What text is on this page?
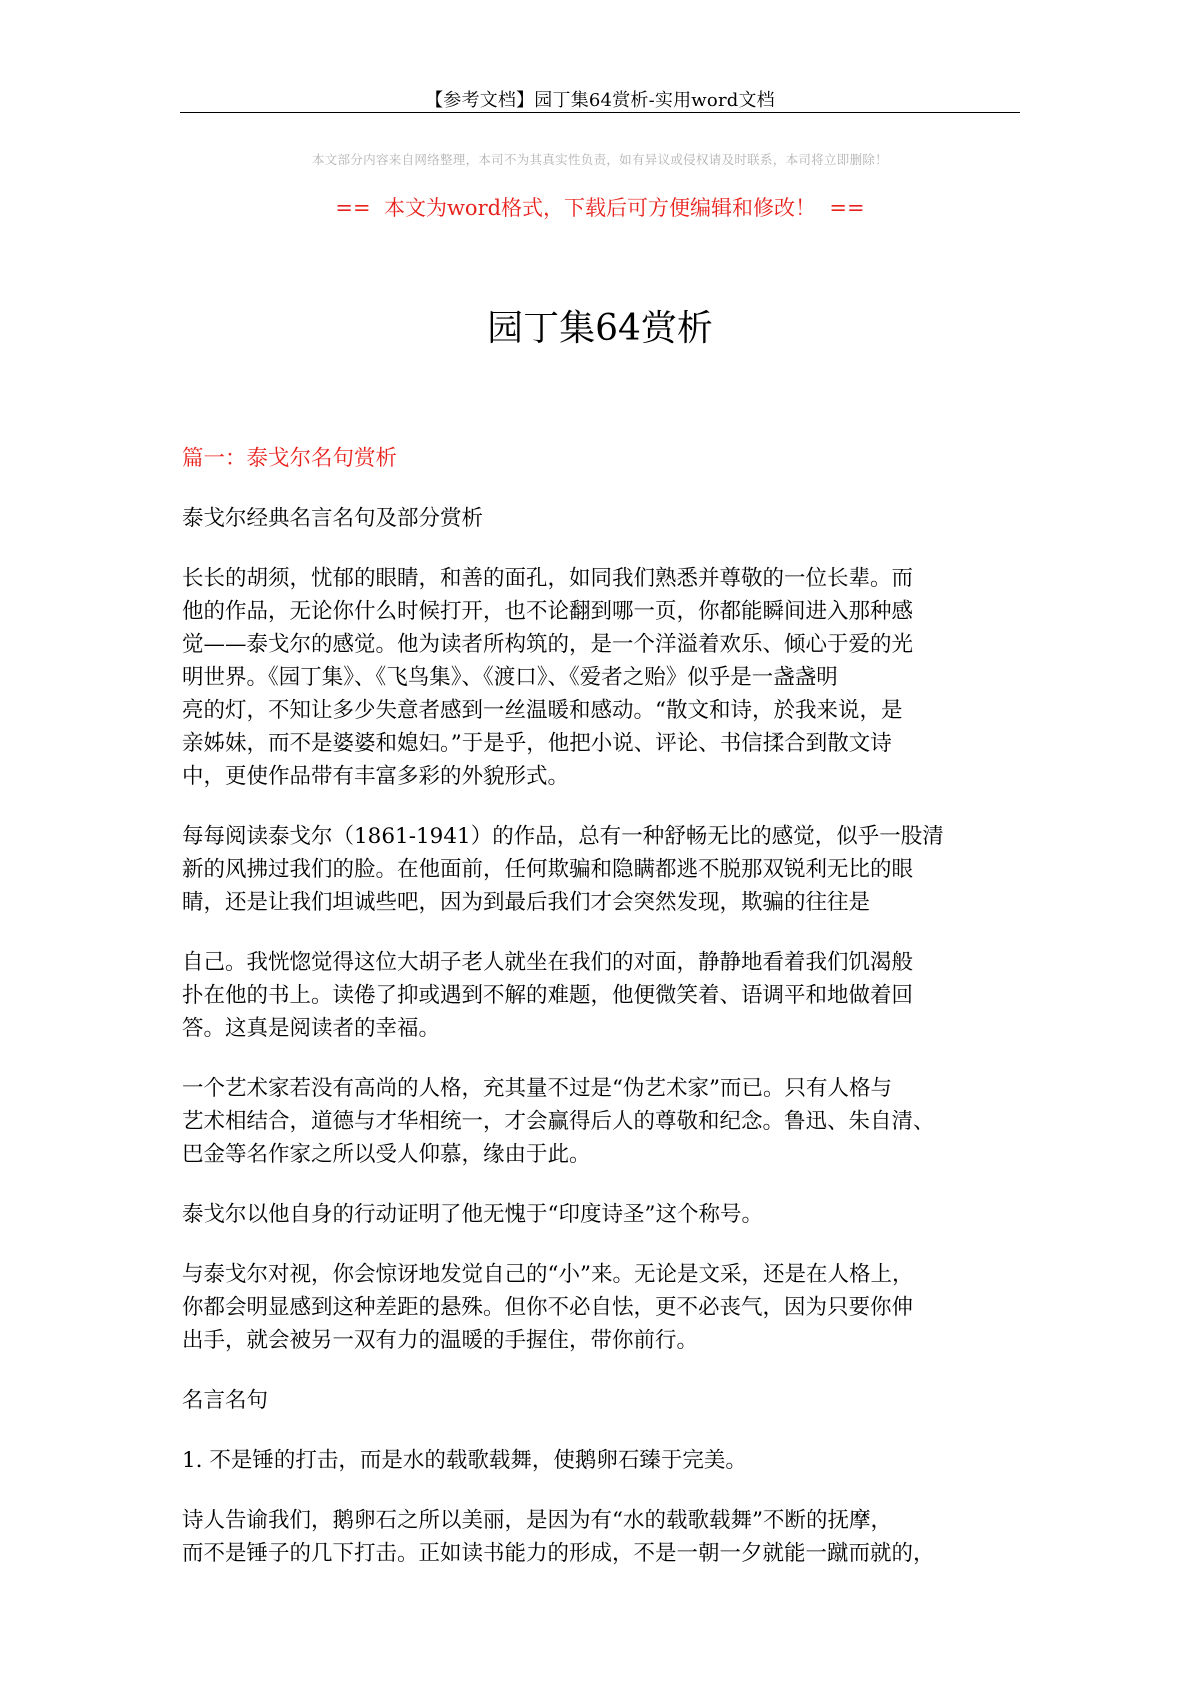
【参考文档】园丁集64赏析-实用word文档
本文部分内容来自网络整理，本司不为其真实性负责，如有异议或侵权请及时联系，本司将立即删除！
==  本文为word格式，下载后可方便编辑和修改！  ==
园丁集64赏析
篇一：泰戈尔名句赏析

泰戈尔经典名言名句及部分赏析

长长的胡须，忧郁的眼睛，和善的面孔，如同我们熟悉并尊敬的一位长辈。而
他的作品，无论你什么时候打开，也不论翻到哪一页，你都能瞬间进入那种感
觉——泰戈尔的感觉。他为读者所构筑的，是一个洋溢着欢乐、倾心于爱的光
明世界。《园丁集》、《飞鸟集》、《渡口》、《爱者之贻》似乎是一盏盏明
亮的灯，不知让多少失意者感到一丝温暖和感动。“散文和诗，於我来说，是
亲姊妹，而不是婆婆和媳妇。”于是乎，他把小说、评论、书信揉合到散文诗
中，更使作品带有丰富多彩的外貌形式。

每每阅读泰戈尔（1861-1941）的作品，总有一种舒畅无比的感觉，似乎一股清
新的风拂过我们的脸。在他面前，任何欺骗和隐瞒都逃不脱那双锐利无比的眼
睛，还是让我们坦诚些吧，因为到最后我们才会突然发现，欺骗的往往是

自己。我恍惚觉得这位大胡子老人就坐在我们的对面，静静地看着我们饥渴般
扑在他的书上。读倦了抑或遇到不解的难题，他便微笑着、语调平和地做着回
答。这真是阅读者的幸福。

一个艺术家若没有高尚的人格，充其量不过是“伪艺术家”而已。只有人格与
艺术相结合，道德与才华相统一，才会赢得后人的尊敬和纪念。鲁迅、朱自清、
巴金等名作家之所以受人仰慕，缘由于此。

泰戈尔以他自身的行动证明了他无愧于“印度诗圣”这个称号。

与泰戈尔对视，你会惊讶地发觉自己的“小”来。无论是文采，还是在人格上，
你都会明显感到这种差距的悬殊。但你不必自怯，更不必丧气，因为只要你伸
出手，就会被另一双有力的温暖的手握住，带你前行。

名言名句

1. 不是锤的打击，而是水的载歌载舞，使鹅卵石臻于完美。

诗人告谕我们，鹅卵石之所以美丽，是因为有“水的载歌载舞”不断的抚摩，
而不是锤子的几下打击。正如读书能力的形成，不是一朝一夕就能一蹴而就的，
